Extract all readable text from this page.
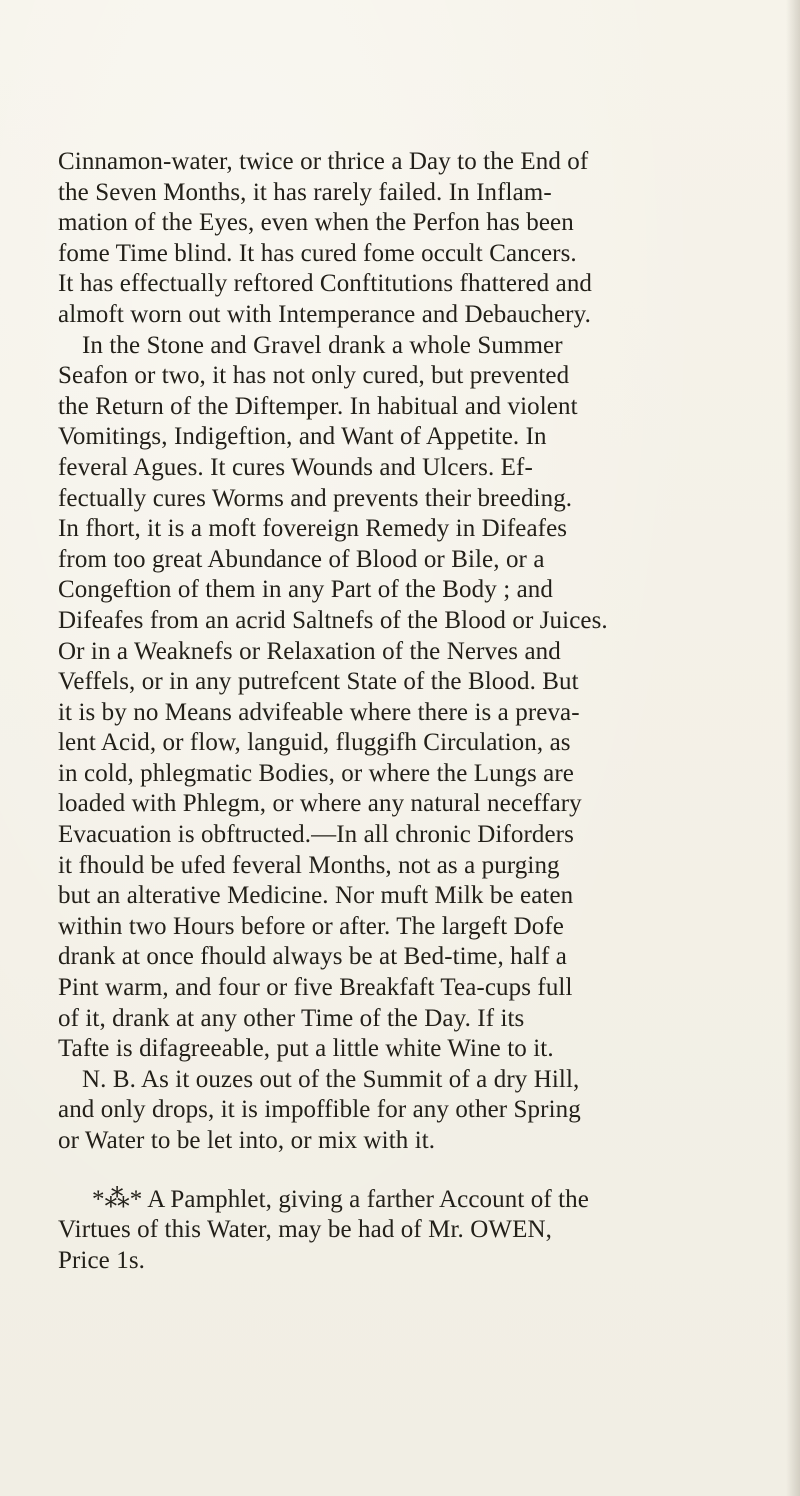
Cinnamon-water, twice or thrice a Day to the End of
the Seven Months, it has rarely failed. In Inflam-
mation of the Eyes, even when the Perfon has been
fome Time blind. It has cured fome occult Cancers.
It has effectually reftored Conftitutions fhattered and
almoft worn out with Intemperance and Debauchery.
In the Stone and Gravel drank a whole Summer
Seafon or two, it has not only cured, but prevented
the Return of the Diftemper. In habitual and violent
Vomitings, Indigeftion, and Want of Appetite. In
feveral Agues. It cures Wounds and Ulcers. Ef-
fectually cures Worms and prevents their breeding.
In fhort, it is a moft fovereign Remedy in Difeafes
from too great Abundance of Blood or Bile, or a
Congeftion of them in any Part of the Body ; and
Difeafes from an acrid Saltnefs of the Blood or Juices.
Or in a Weaknefs or Relaxation of the Nerves and
Veffels, or in any putrefcent State of the Blood. But
it is by no Means advifeable where there is a preva-
lent Acid, or flow, languid, fluggifh Circulation, as
in cold, phlegmatic Bodies, or where the Lungs are
loaded with Phlegm, or where any natural neceffary
Evacuation is obftructed.—In all chronic Diforders
it fhould be ufed feveral Months, not as a purging
but an alterative Medicine. Nor muft Milk be eaten
within two Hours before or after. The largeft Dofe
drank at once fhould always be at Bed-time, half a
Pint warm, and four or five Breakfaft Tea-cups full
of it, drank at any other Time of the Day. If its
Tafte is difagreeable, put a little white Wine to it.
N. B. As it ouzes out of the Summit of a dry Hill,
and only drops, it is impoffible for any other Spring
or Water to be let into, or mix with it.
*⁂* A Pamphlet, giving a farther Account of the
Virtues of this Water, may be had of Mr. OWEN,
Price 1s.
